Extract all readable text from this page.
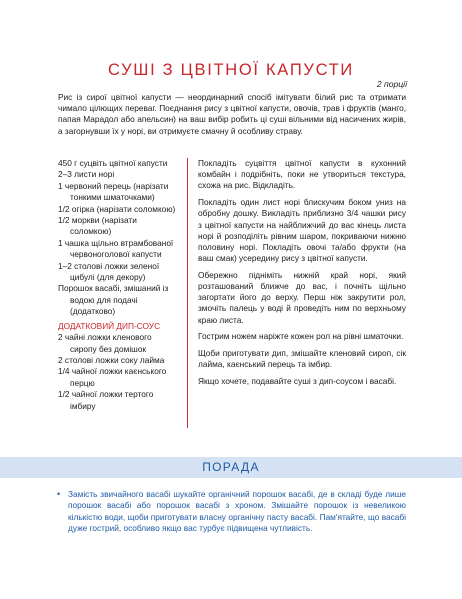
СУШІ З ЦВІТНОЇ КАПУСТИ
2 порції

Рис із сирої цвітної капусти — неординарний спосіб імітувати білий рис та отримати чимало цілющих переваг. Поєднання рису з цвітної капусти, овочів, трав і фруктів (манго, папая Марадол або апельсин) на ваш вибір робить ці суші вільними від насичених жирів, а загорнувши їх у норі, ви отримуєте смачну й особливу страву.

450 г суцвіть цвітної капусти
2–3 листи норі
1 червоний перець (нарізати
тонкими шматочками)
1/2 огірка (нарізати соломкою)
1/2 моркви (нарізати
соломкою)
1 чашка щільно втрамбованої
червоноголової капусти
1–2 столові ложки зеленої
цибулі (для декору)
Порошок васабі, змішаний із
водою для подачі (додатково)
ДОДАТКОВИЙ ДИП-СОУС
2 чайні ложки кленового
сиропу без домішок
2 столові ложки соку лайма
1/4 чайної ложки каєнського
перцю
1/2 чайної ложки тертого
імбиру

Покладіть суцвіття цвітної капусти в кухонний комбайн і подрібніть, поки не утвориться текстура, схожа на рис. Відкладіть.

Покладіть один лист норі блискучим боком униз на обробну дошку. Викладіть приблизно 3/4 чашки рису з цвітної капусти на найближчий до вас кінець листа норі й розподіліть рівним шаром, покриваючи нижню половину норі. Покладіть овочі та/або фрукти (на ваш смак) усередину рису з цвітної капусти.

Обережно підніміть нижній край норі, який розташований ближче до вас, і почніть щільно загортати його до верху. Перш ніж закрутити рол, змочіть палець у воді й проведіть ним по верхньому краю листа.

Гострим ножем наріжте кожен рол на рівні шматочки.

Щоби приготувати дип, змішайте кленовий сироп, сік лайма, каєнський перець та імбир.

Якщо хочете, подавайте суші з дип-соусом і васабі.

ПОРАДА
• Замість звичайного васабі шукайте органічний порошок васабі, де в складі буде лише порошок васабі або порошок васабі з хроном. Змішайте порошок із невеликою кількістю води, щоби приготувати власну органічну пасту васабі. Пам'ятайте, що васабі дуже гострий, особливо якщо вас турбує підвищена чутливість.
